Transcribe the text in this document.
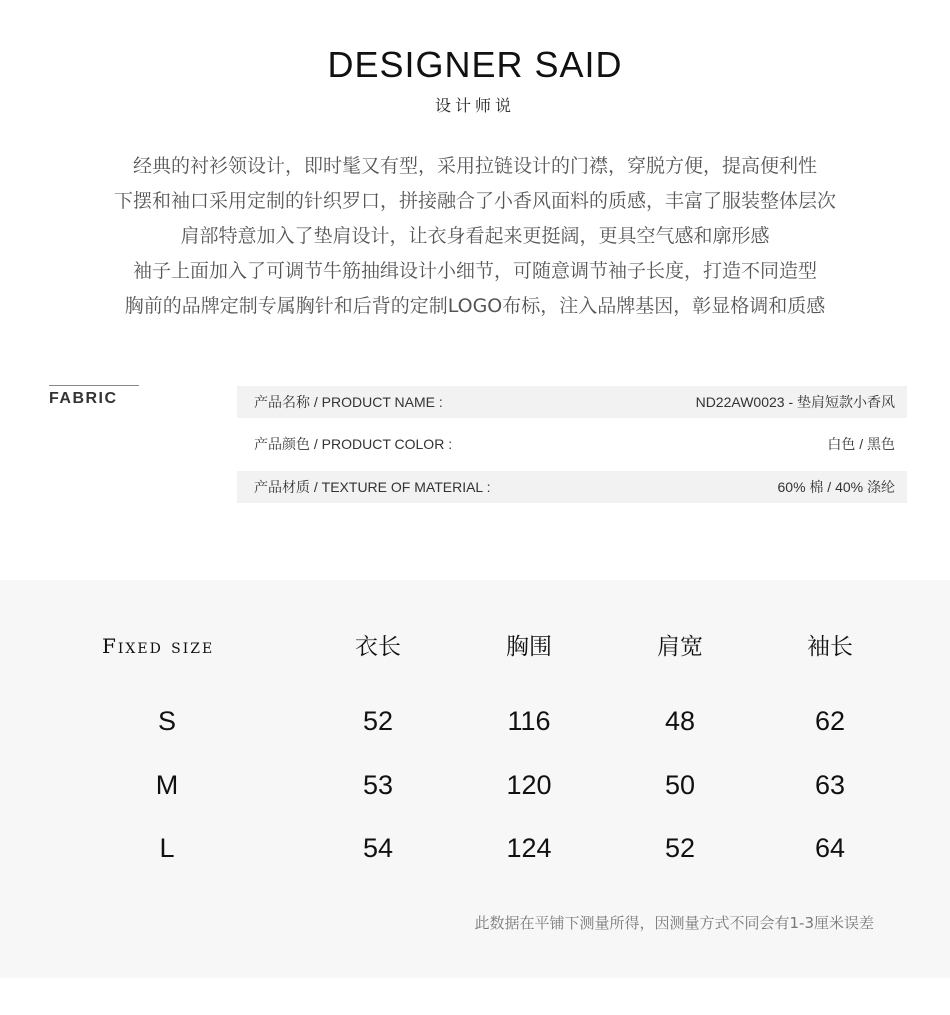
DESIGNER SAID
设计师说
经典的衬衫领设计，即时髦又有型，采用拉链设计的门襟，穿脱方便，提高便利性
下摆和袖口采用定制的针织罗口，拼接融合了小香风面料的质感，丰富了服装整体层次
肩部特意加入了垫肩设计，让衣身看起来更挺阔，更具空气感和廓形感
袖子上面加入了可调节牛筋抽缉设计小细节，可随意调节袖子长度，打造不同造型
胸前的品牌定制专属胸针和后背的定制LOGO布标，注入品牌基因，彰显格调和质感
FABRIC	产品名称 / PRODUCT NAME :	ND22AW0023 - 垫肩短款小香风
产品颜色 / PRODUCT COLOR :	白色 / 黑色
产品材质 / TEXTURE OF MATERIAL :	60% 棉 / 40% 涤纶
Fixed size	衣长	胸围	肩宽	袖长
S	52	116	48	62
M	53	120	50	63
L	54	124	52	64
此数据在平铺下测量所得，因测量方式不同会有1-3厘米误差
